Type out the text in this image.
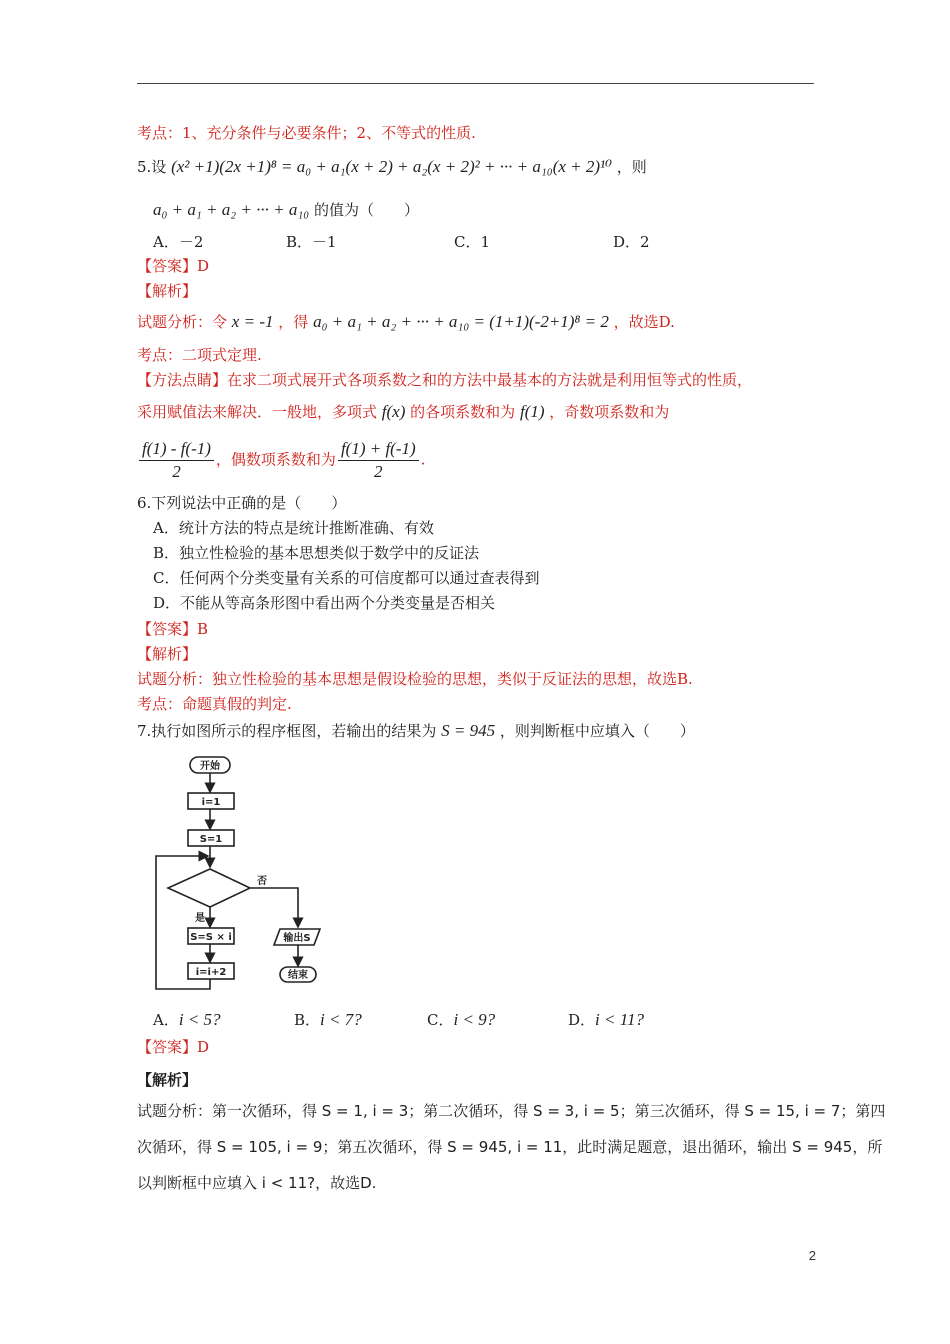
考点：1、充分条件与必要条件；2、不等式的性质.
5.设 (x² +1)(2x +1)⁸ = a₀ + a₁(x + 2) + a₂(x + 2)² + ··· + a₁₀(x + 2)¹⁰ ，则
a₀ + a₁ + a₂ + ··· + a₁₀ 的值为（　　）
A．－2	B．－1	C．1	D．2
【答案】D
【解析】
试题分析：令 x = -1 ，得 a₀ + a₁ + a₂ + ··· + a₁₀ = (1+1)(-2+1)⁸ = 2 ，故选D.
考点：二项式定理.
【方法点睛】在求二项式展开式各项系数之和的方法中最基本的方法就是利用恒等式的性质，
采用赋值法来解决．一般地，多项式 f(x) 的各项系数和为 f(1) ，奇数项系数和为
$\frac{f(1) - f(-1)}{2}$ ，偶数项系数和为 $\frac{f(1) + f(-1)}{2}$ .
6.下列说法中正确的是（　　）
A．统计方法的特点是统计推断准确、有效
B．独立性检验的基本思想类似于数学中的反证法
C．任何两个分类变量有关系的可信度都可以通过查表得到
D．不能从等高条形图中看出两个分类变量是否相关
【答案】B
【解析】
试题分析：独立性检验的基本思想是假设检验的思想，类似于反证法的思想，故选B.
考点：命题真假的判定.
7.执行如图所示的程序框图，若输出的结果为 S = 945 ，则判断框中应填入（　　）
开始
i=1
S=1
否
是
S=S × i	输出S
i=i+2	结束
A．i < 5?	B．i < 7?	C．i < 9?	D．i < 11?
【答案】D
【解析】
试题分析：第一次循环，得 S = 1, i = 3；第二次循环，得 S = 3, i = 5；第三次循环，得 S = 15, i = 7；第四
次循环，得 S = 105, i = 9；第五次循环，得 S = 945, i = 11，此时满足题意，退出循环，输出 S = 945，所
以判断框中应填入 i < 11?，故选D.
2
